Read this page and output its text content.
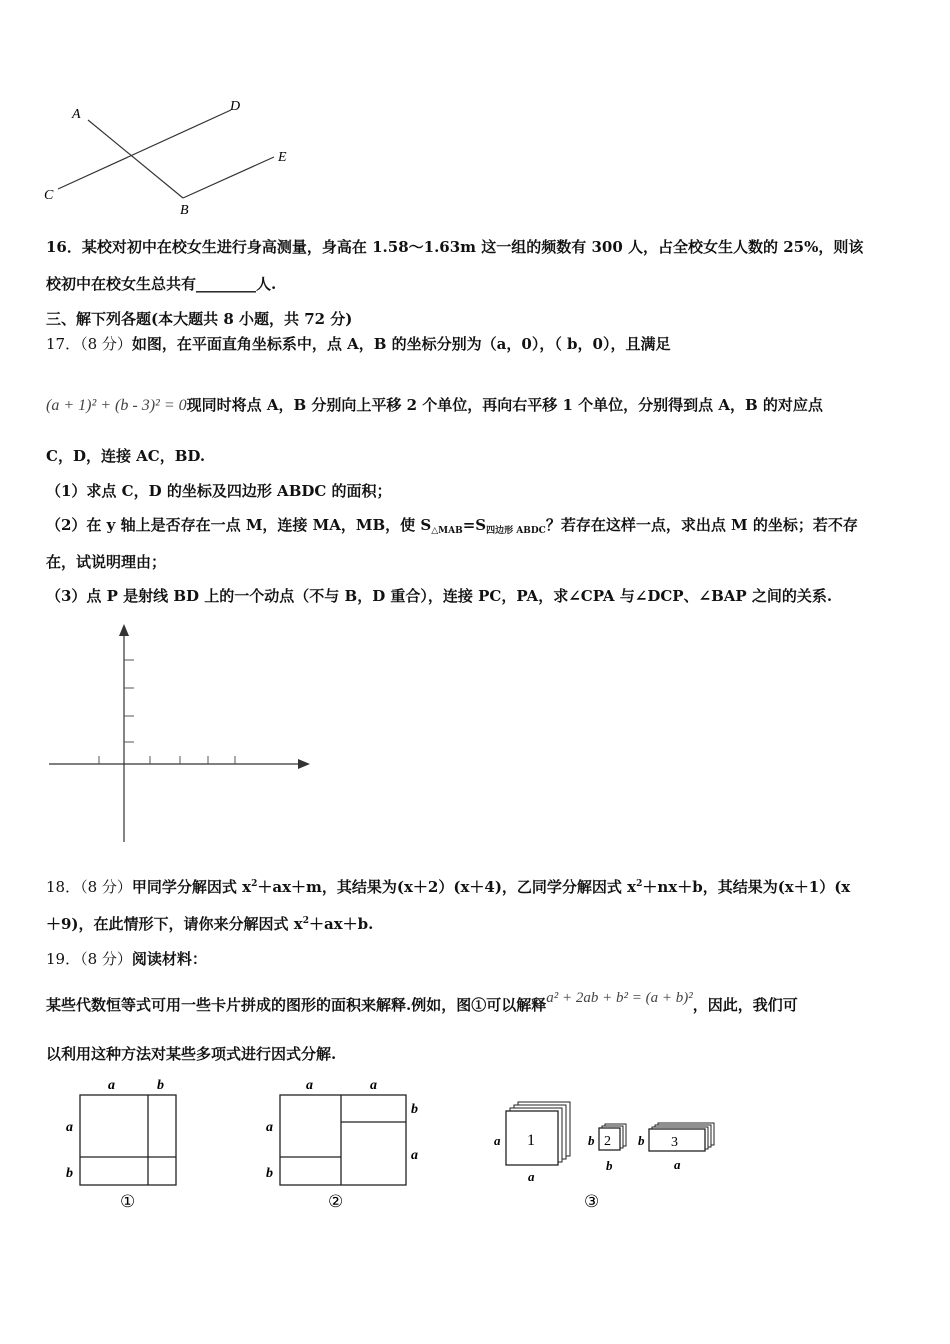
A
D
E
C
B
16．某校对初中在校女生进行身高测量，身高在 1.58～1.63m 这一组的频数有 300 人，占全校女生人数的 25%，则该
校初中在校女生总共有________人.
三、解下列各题(本大题共 8 小题，共 72 分)
17．（8 分）如图，在平面直角坐标系中，点 A，B 的坐标分别为（a，0），（ b，0），且满足
(a + 1)² + (b - 3)² = 0现同时将点 A，B 分别向上平移 2 个单位，再向右平移 1 个单位，分别得到点 A，B 的对应点
C，D，连接 AC，BD.
（1）求点 C，D 的坐标及四边形 ABDC 的面积；
（2）在 y 轴上是否存在一点 M，连接 MA，MB，使 $S_{\triangle MAB}=S_{四边形 ABDC}$？若存在这样一点，求出点 M 的坐标；若不存
在，试说明理由；
（3）点 P 是射线 BD 上的一个动点（不与 B，D 重合），连接 PC，PA，求∠CPA 与∠DCP、∠BAP 之间的关系.
18．（8 分）甲同学分解因式 $x^2+ax+m$，其结果为(x＋2）(x＋4)，乙同学分解因式 $x^2+nx+b$，其结果为(x＋1）(x
＋9)，在此情形下，请你来分解因式 $x^2+ax+b$.
19．（8 分）阅读材料：
某些代数恒等式可用一些卡片拼成的图形的面积来解释.例如，图①可以解释a² + 2ab + b² = (a + b)²，因此，我们可
以利用这种方法对某些多项式进行因式分解.
a	b
a
b
①
a	a
a
b
b
a
②
1
a
a
2
b
b
3
b
a
③
